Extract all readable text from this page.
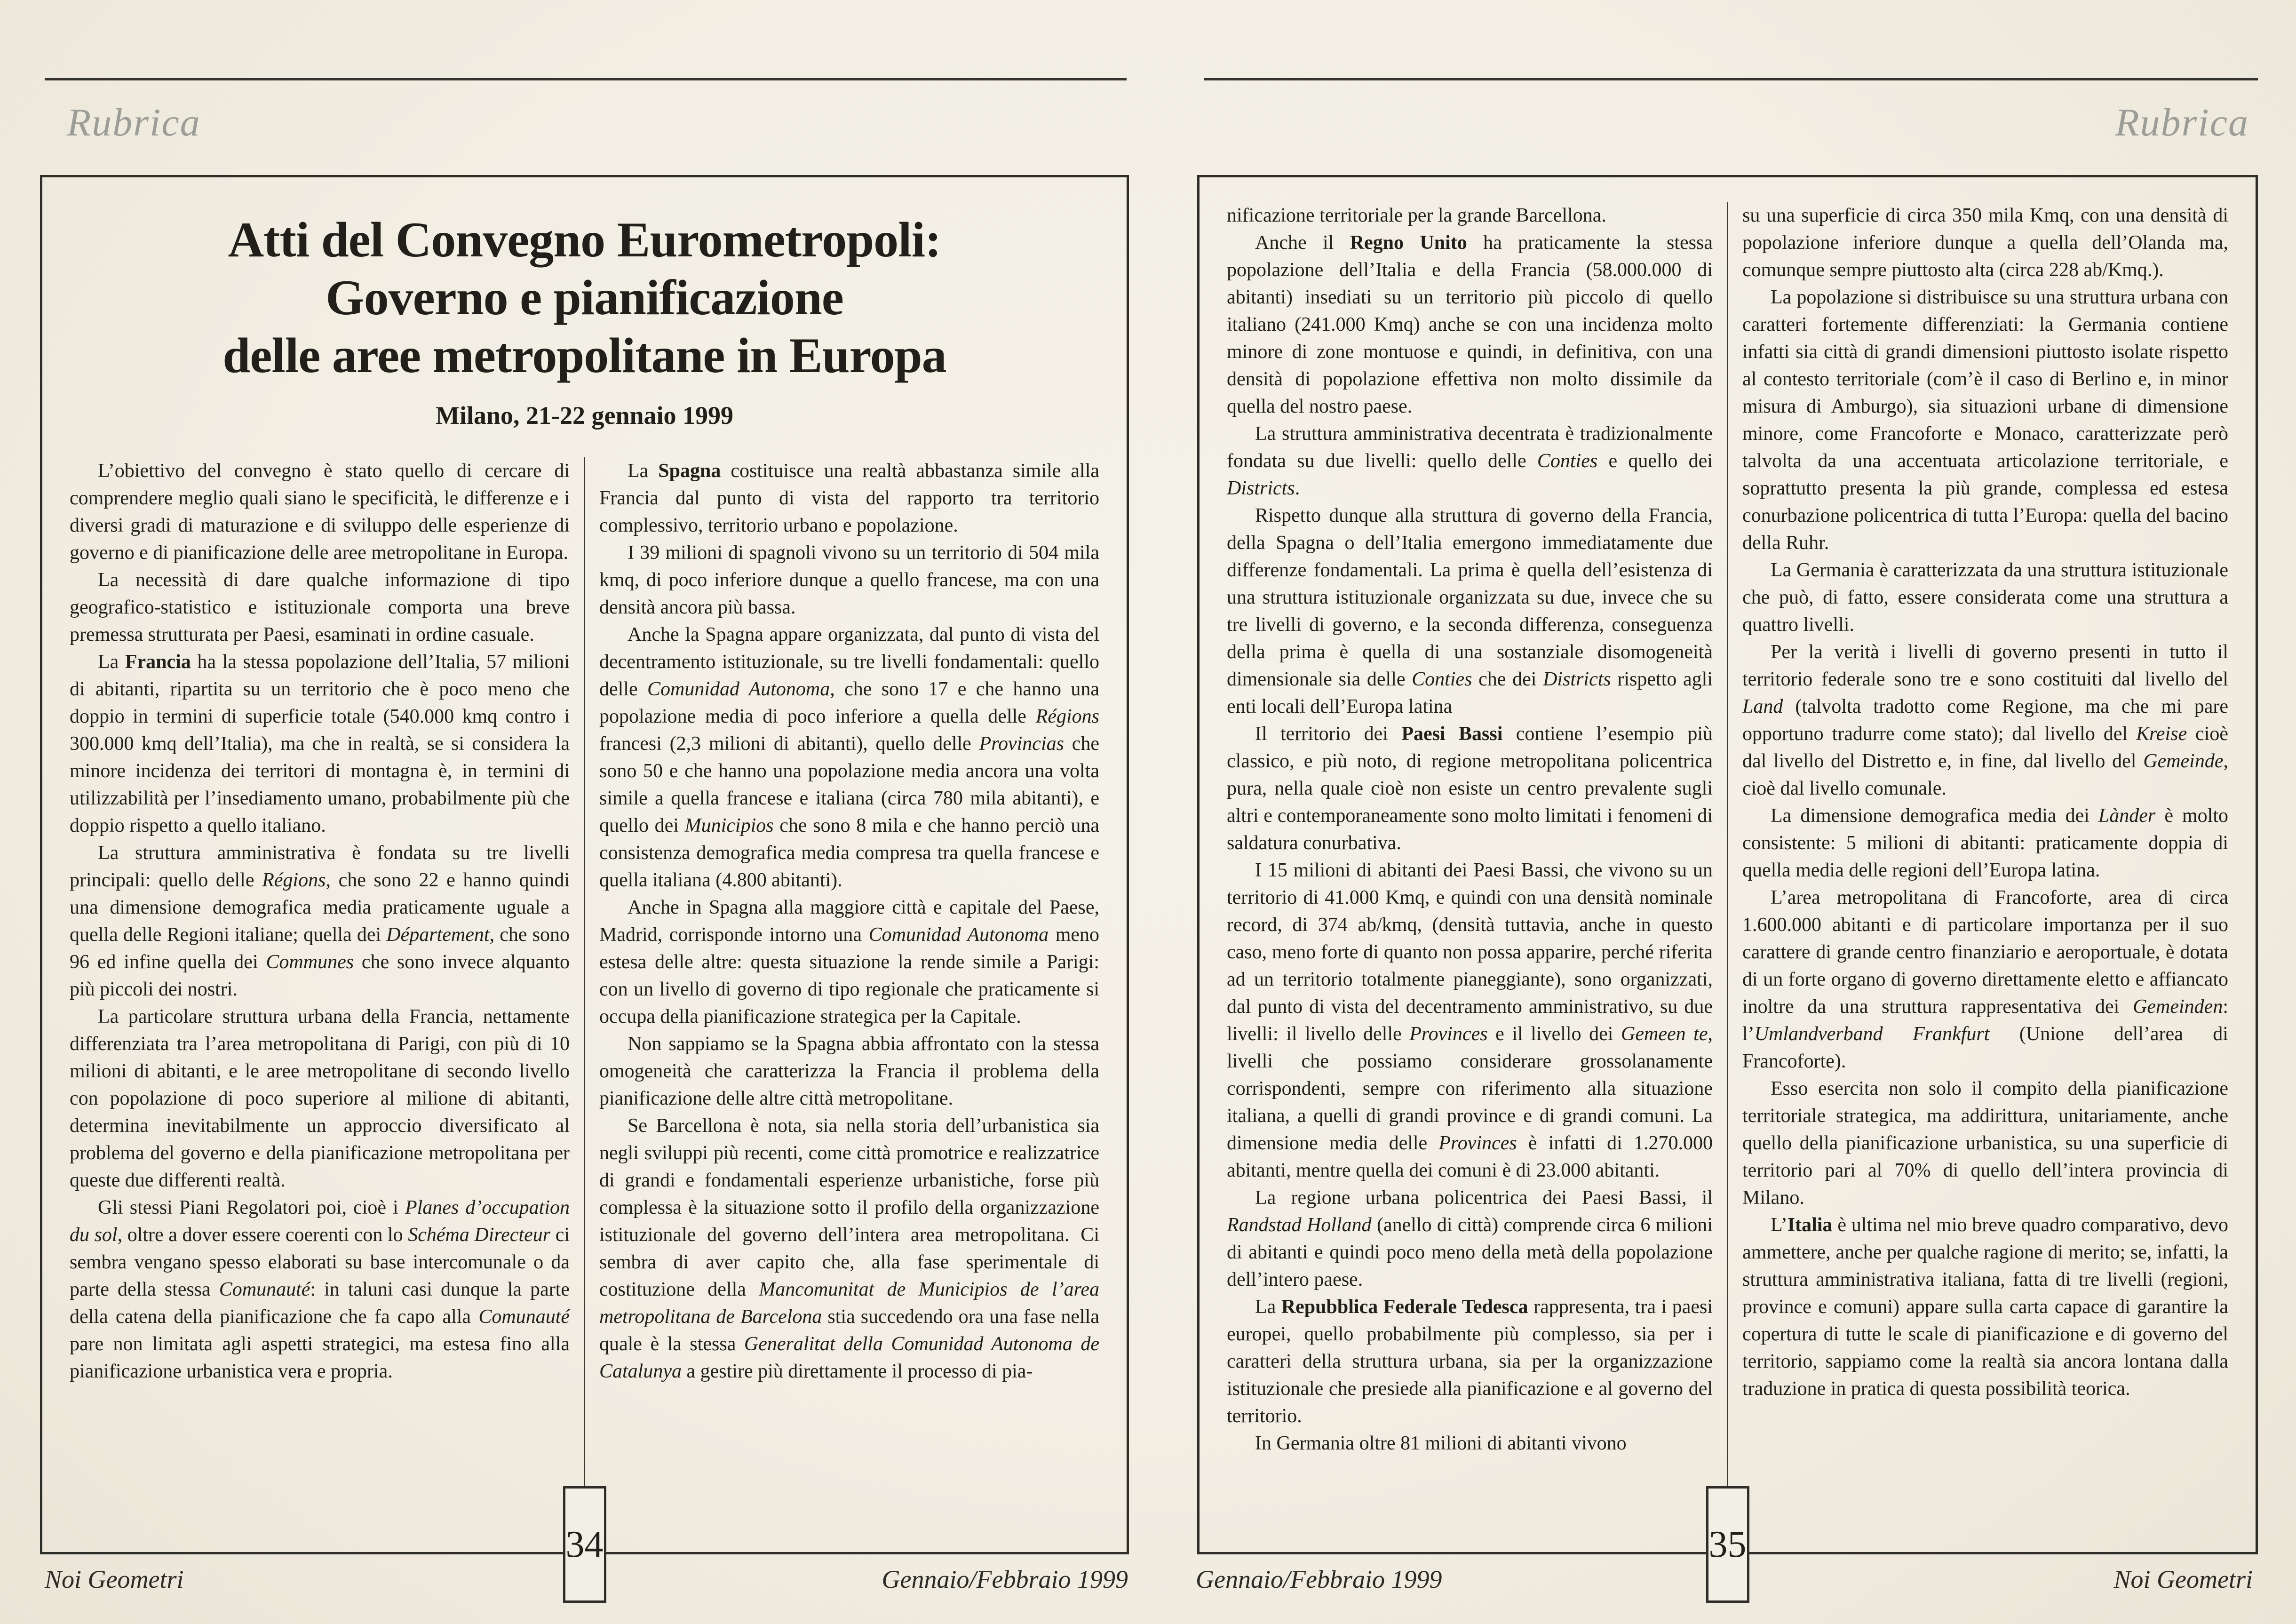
Rubrica
Atti del Convegno Eurometropoli:
Governo e pianificazione
delle aree metropolitane in Europa
Milano, 21-22 gennaio 1999

L’obiettivo del convegno è stato quello di cercare di comprendere meglio quali siano le specificità, le differenze e i diversi gradi di maturazione e di sviluppo delle esperienze di governo e di pianificazione delle aree metropolitane in Europa.

La necessità di dare qualche informazione di tipo geografico-statistico e istituzionale comporta una breve premessa strutturata per Paesi, esaminati in ordine casuale.

La Francia ha la stessa popolazione dell’Italia, 57 milioni di abitanti, ripartita su un territorio che è poco meno che doppio in termini di superficie totale (540.000 kmq contro i 300.000 kmq dell’Italia), ma che in realtà, se si considera la minore incidenza dei territori di montagna è, in termini di utilizzabilità per l’insediamento umano, probabilmente più che doppio rispetto a quello italiano.

La struttura amministrativa è fondata su tre livelli principali: quello delle Régions, che sono 22 e hanno quindi una dimensione demografica media praticamente uguale a quella delle Regioni italiane; quella dei Département, che sono 96 ed infine quella dei Communes che sono invece alquanto più piccoli dei nostri.

La particolare struttura urbana della Francia, nettamente differenziata tra l’area metropolitana di Parigi, con più di 10 milioni di abitanti, e le aree metropolitane di secondo livello con popolazione di poco superiore al milione di abitanti, determina inevitabilmente un approccio diversificato al problema del governo e della pianificazione metropolitana per queste due differenti realtà.

Gli stessi Piani Regolatori poi, cioè i Planes d’occupation du sol, oltre a dover essere coerenti con lo Schéma Directeur ci sembra vengano spesso elaborati su base intercomunale o da parte della stessa Comunauté: in taluni casi dunque la parte della catena della pianificazione che fa capo alla Comunauté pare non limitata agli aspetti strategici, ma estesa fino alla pianificazione urbanistica vera e propria.

La Spagna costituisce una realtà abbastanza simile alla Francia dal punto di vista del rapporto tra territorio complessivo, territorio urbano e popolazione.

I 39 milioni di spagnoli vivono su un territorio di 504 mila kmq, di poco inferiore dunque a quello francese, ma con una densità ancora più bassa.

Anche la Spagna appare organizzata, dal punto di vista del decentramento istituzionale, su tre livelli fondamentali: quello delle Comunidad Autonoma, che sono 17 e che hanno una popolazione media di poco inferiore a quella delle Régions francesi (2,3 milioni di abitanti), quello delle Provincias che sono 50 e che hanno una popolazione media ancora una volta simile a quella francese e italiana (circa 780 mila abitanti), e quello dei Municipios che sono 8 mila e che hanno perciò una consistenza demografica media compresa tra quella francese e quella italiana (4.800 abitanti).

Anche in Spagna alla maggiore città e capitale del Paese, Madrid, corrisponde intorno una Comunidad Autonoma meno estesa delle altre: questa situazione la rende simile a Parigi: con un livello di governo di tipo regionale che praticamente si occupa della pianificazione strategica per la Capitale.

Non sappiamo se la Spagna abbia affrontato con la stessa omogeneità che caratterizza la Francia il problema della pianificazione delle altre città metropolitane.

Se Barcellona è nota, sia nella storia dell’urbanistica sia negli sviluppi più recenti, come città promotrice e realizzatrice di grandi e fondamentali esperienze urbanistiche, forse più complessa è la situazione sotto il profilo della organizzazione istituzionale del governo dell’intera area metropolitana. Ci sembra di aver capito che, alla fase sperimentale di costituzione della Mancomunitat de Municipios de l’area metropolitana de Barcelona stia succedendo ora una fase nella quale è la stessa Generalitat della Comunidad Autonoma de Catalunya a gestire più direttamente il processo di pia-

34
Noi Geometri	Gennaio/Febbraio 1999
Rubrica

nificazione territoriale per la grande Barcellona.

Anche il Regno Unito ha praticamente la stessa popolazione dell’Italia e della Francia (58.000.000 di abitanti) insediati su un territorio più piccolo di quello italiano (241.000 Kmq) anche se con una incidenza molto minore di zone montuose e quindi, in definitiva, con una densità di popolazione effettiva non molto dissimile da quella del nostro paese.

La struttura amministrativa decentrata è tradizionalmente fondata su due livelli: quello delle Conties e quello dei Districts.

Rispetto dunque alla struttura di governo della Francia, della Spagna o dell’Italia emergono immediatamente due differenze fondamentali. La prima è quella dell’esistenza di una struttura istituzionale organizzata su due, invece che su tre livelli di governo, e la seconda differenza, conseguenza della prima è quella di una sostanziale disomogeneità dimensionale sia delle Conties che dei Districts rispetto agli enti locali dell’Europa latina

Il territorio dei Paesi Bassi contiene l’esempio più classico, e più noto, di regione metropolitana policentrica pura, nella quale cioè non esiste un centro prevalente sugli altri e contemporaneamente sono molto limitati i fenomeni di saldatura conurbativa.

I 15 milioni di abitanti dei Paesi Bassi, che vivono su un territorio di 41.000 Kmq, e quindi con una densità nominale record, di 374 ab/kmq, (densità tuttavia, anche in questo caso, meno forte di quanto non possa apparire, perché riferita ad un territorio totalmente pianeggiante), sono organizzati, dal punto di vista del decentramento amministrativo, su due livelli: il livello delle Provinces e il livello dei Gemeen te, livelli che possiamo considerare grossolanamente corrispondenti, sempre con riferimento alla situazione italiana, a quelli di grandi province e di grandi comuni. La dimensione media delle Provinces è infatti di 1.270.000 abitanti, mentre quella dei comuni è di 23.000 abitanti.

La regione urbana policentrica dei Paesi Bassi, il Randstad Holland (anello di città) comprende circa 6 milioni di abitanti e quindi poco meno della metà della popolazione dell’intero paese.

La Repubblica Federale Tedesca rappresenta, tra i paesi europei, quello probabilmente più complesso, sia per i caratteri della struttura urbana, sia per la organizzazione istituzionale che presiede alla pianificazione e al governo del territorio.

In Germania oltre 81 milioni di abitanti vivono

su una superficie di circa 350 mila Kmq, con una densità di popolazione inferiore dunque a quella dell’Olanda ma, comunque sempre piuttosto alta (circa 228 ab/Kmq.).

La popolazione si distribuisce su una struttura urbana con caratteri fortemente differenziati: la Germania contiene infatti sia città di grandi dimensioni piuttosto isolate rispetto al contesto territoriale (com’è il caso di Berlino e, in minor misura di Amburgo), sia situazioni urbane di dimensione minore, come Francoforte e Monaco, caratterizzate però talvolta da una accentuata articolazione territoriale, e soprattutto presenta la più grande, complessa ed estesa conurbazione policentrica di tutta l’Europa: quella del bacino della Ruhr.

La Germania è caratterizzata da una struttura istituzionale che può, di fatto, essere considerata come una struttura a quattro livelli.

Per la verità i livelli di governo presenti in tutto il territorio federale sono tre e sono costituiti dal livello del Land (talvolta tradotto come Regione, ma che mi pare opportuno tradurre come stato); dal livello del Kreise cioè dal livello del Distretto e, in fine, dal livello del Gemeinde, cioè dal livello comunale.

La dimensione demografica media dei Lànder è molto consistente: 5 milioni di abitanti: praticamente doppia di quella media delle regioni dell’Europa latina.

L’area metropolitana di Francoforte, area di circa 1.600.000 abitanti e di particolare importanza per il suo carattere di grande centro finanziario e aeroportuale, è dotata di un forte organo di governo direttamente eletto e affiancato inoltre da una struttura rappresentativa dei Gemeinden: l’Umlandverband Frankfurt (Unione dell’area di Francoforte).

Esso esercita non solo il compito della pianificazione territoriale strategica, ma addirittura, unitariamente, anche quello della pianificazione urbanistica, su una superficie di territorio pari al 70% di quello dell’intera provincia di Milano.

L’Italia è ultima nel mio breve quadro comparativo, devo ammettere, anche per qualche ragione di merito; se, infatti, la struttura amministrativa italiana, fatta di tre livelli (regioni, province e comuni) appare sulla carta capace di garantire la copertura di tutte le scale di pianificazione e di governo del territorio, sappiamo come la realtà sia ancora lontana dalla traduzione in pratica di questa possibilità teorica.

35
Gennaio/Febbraio 1999	Noi Geometri
